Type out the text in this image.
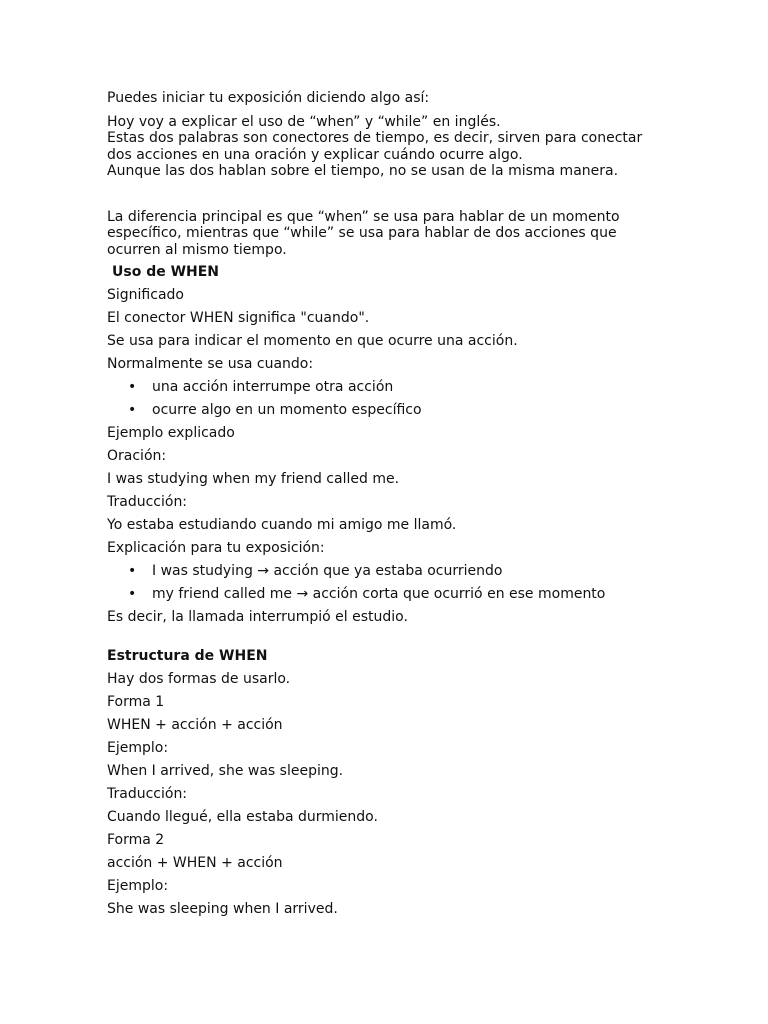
Puedes iniciar tu exposición diciendo algo así:
Hoy voy a explicar el uso de “when” y “while” en inglés.
Estas dos palabras son conectores de tiempo, es decir, sirven para conectar
dos acciones en una oración y explicar cuándo ocurre algo.
Aunque las dos hablan sobre el tiempo, no se usan de la misma manera.
La diferencia principal es que “when” se usa para hablar de un momento
específico, mientras que “while” se usa para hablar de dos acciones que
ocurren al mismo tiempo.
Uso de WHEN
Significado
El conector WHEN significa "cuando".
Se usa para indicar el momento en que ocurre una acción.
Normalmente se usa cuando:
• una acción interrumpe otra acción
• ocurre algo en un momento específico
Ejemplo explicado
Oración:
I was studying when my friend called me.
Traducción:
Yo estaba estudiando cuando mi amigo me llamó.
Explicación para tu exposición:
• I was studying → acción que ya estaba ocurriendo
• my friend called me → acción corta que ocurrió en ese momento
Es decir, la llamada interrumpió el estudio.
Estructura de WHEN
Hay dos formas de usarlo.
Forma 1
WHEN + acción + acción
Ejemplo:
When I arrived, she was sleeping.
Traducción:
Cuando llegué, ella estaba durmiendo.
Forma 2
acción + WHEN + acción
Ejemplo:
She was sleeping when I arrived.
